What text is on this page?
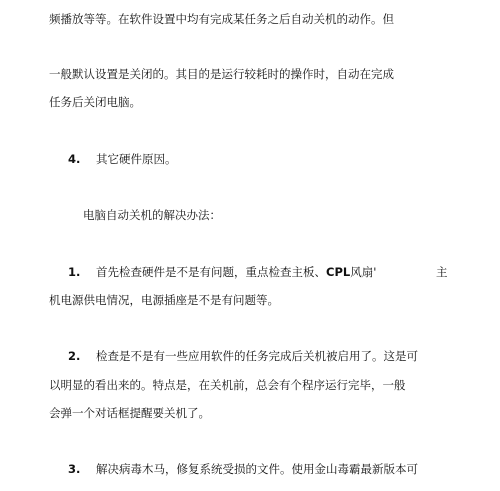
频播放等等。在软件设置中均有完成某任务之后自动关机的动作。但
一般默认设置是关闭的。其目的是运行较耗时的操作时，自动在完成
任务后关闭电脑。
4. 其它硬件原因。
电脑自动关机的解决办法：
1. 首先检查硬件是不是有问题，重点检查主板、CPL风扇'	主
机电源供电情况，电源插座是不是有问题等。
2. 检查是不是有一些应用软件的任务完成后关机被启用了。这是可
以明显的看出来的。特点是，在关机前，总会有个程序运行完毕，一般
会弹一个对话框提醒要关机了。
3. 解决病毒木马，修复系统受损的文件。使用金山毒霸最新版本可
